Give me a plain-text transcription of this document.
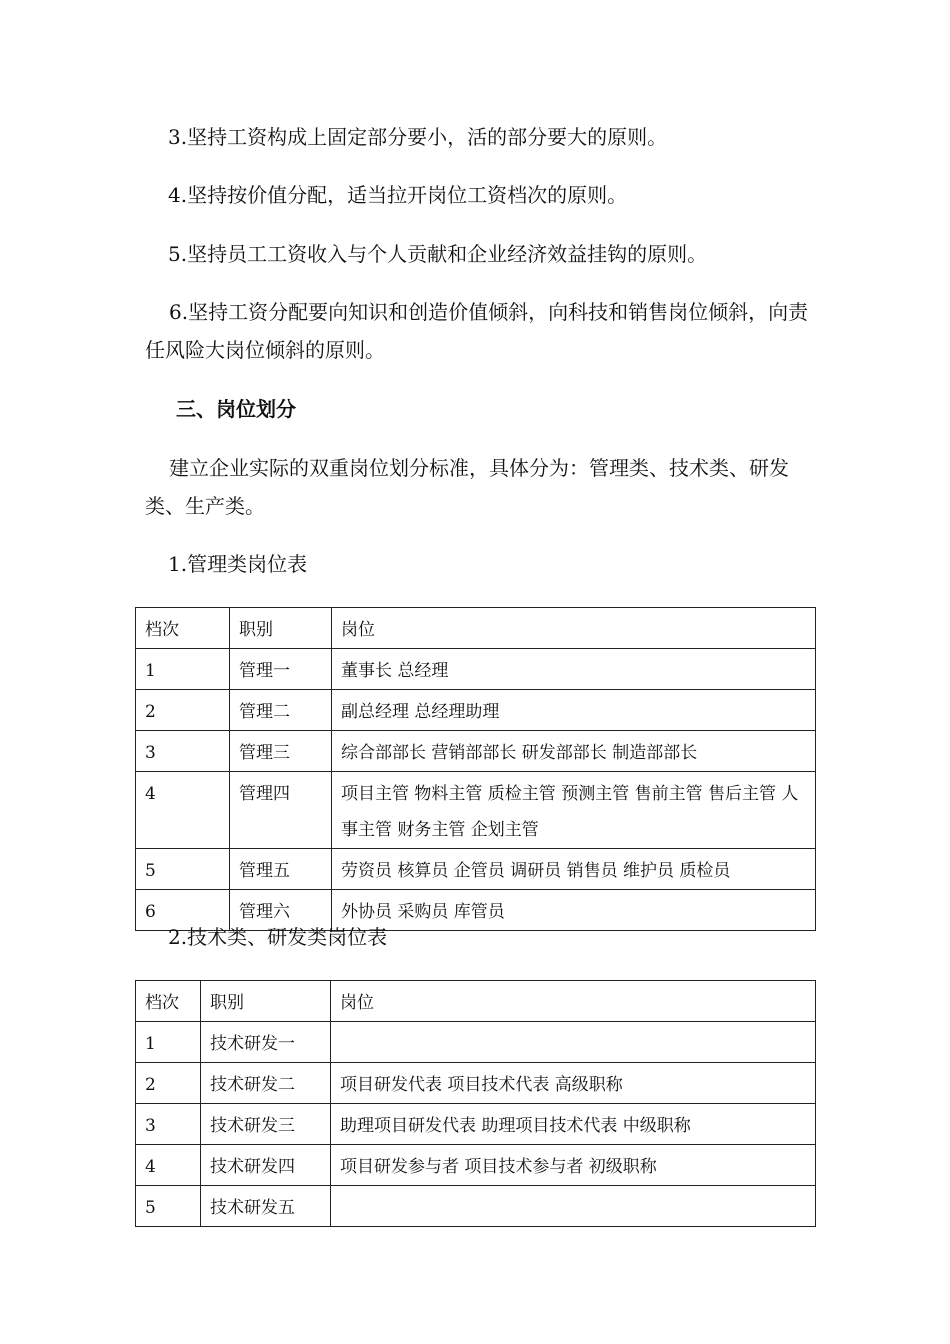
3.坚持工资构成上固定部分要小，活的部分要大的原则。

4.坚持按价值分配，适当拉开岗位工资档次的原则。

5.坚持员工工资收入与个人贡献和企业经济效益挂钩的原则。

6.坚持工资分配要向知识和创造价值倾斜，向科技和销售岗位倾斜，向责任风险大岗位倾斜的原则。

三、岗位划分

建立企业实际的双重岗位划分标准，具体分为：管理类、技术类、研发类、生产类。

1.管理类岗位表

档次	职别	岗位
1	管理一	董事长 总经理
2	管理二	副总经理 总经理助理
3	管理三	综合部部长 营销部部长 研发部部长 制造部部长
4	管理四	项目主管 物料主管 质检主管 预测主管 售前主管 售后主管 人事主管 财务主管 企划主管
5	管理五	劳资员 核算员 企管员 调研员 销售员 维护员 质检员
6	管理六	外协员 采购员 库管员

2.技术类、研发类岗位表

档次	职别	岗位
1	技术研发一	
2	技术研发二	项目研发代表 项目技术代表 高级职称
3	技术研发三	助理项目研发代表 助理项目技术代表 中级职称
4	技术研发四	项目研发参与者 项目技术参与者 初级职称
5	技术研发五	
